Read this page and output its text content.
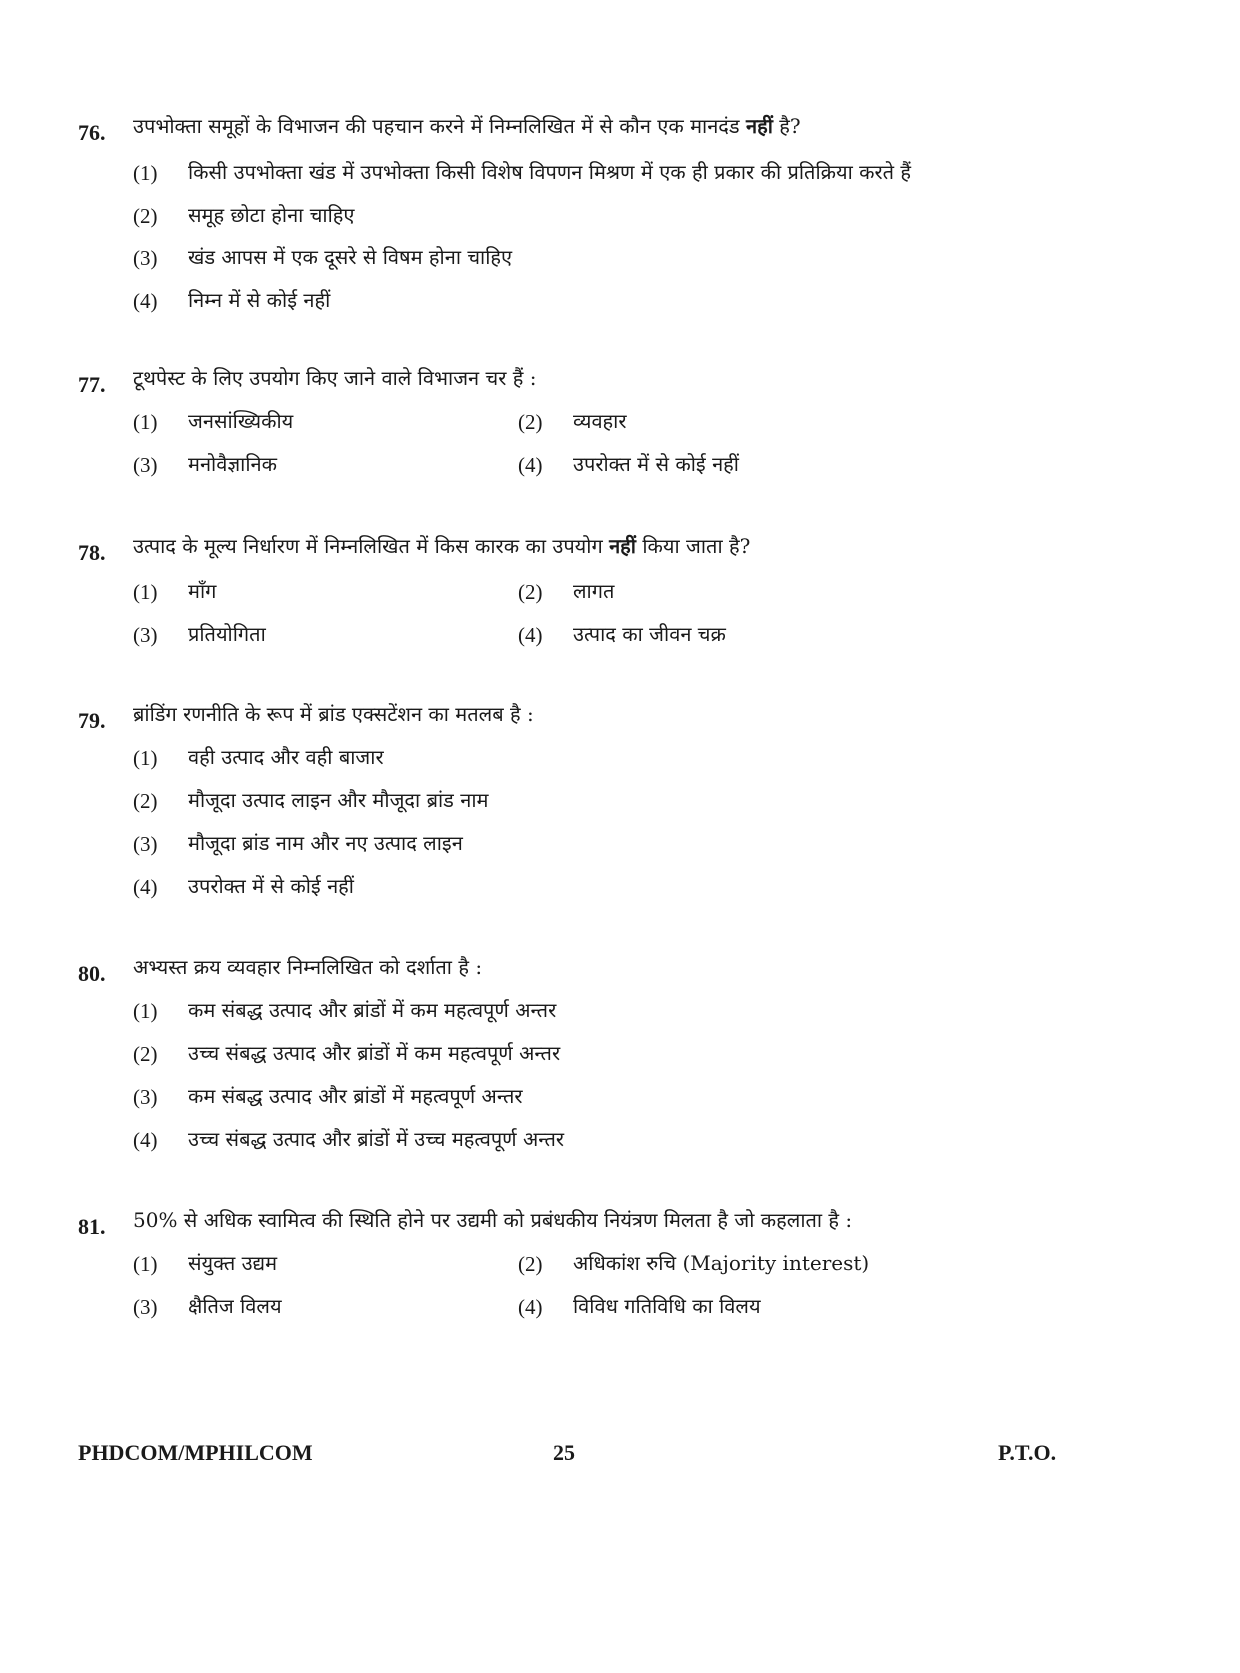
76. उपभोक्ता समूहों के विभाजन की पहचान करने में निम्नलिखित में से कौन एक मानदंड नहीं है?
(1) किसी उपभोक्ता खंड में उपभोक्ता किसी विशेष विपणन मिश्रण में एक ही प्रकार की प्रतिक्रिया करते हैं
(2) समूह छोटा होना चाहिए
(3) खंड आपस में एक दूसरे से विषम होना चाहिए
(4) निम्न में से कोई नहीं
77. टूथपेस्ट के लिए उपयोग किए जाने वाले विभाजन चर हैं :
(1) जनसांख्यिकीय	(2) व्यवहार
(3) मनोवैज्ञानिक	(4) उपरोक्त में से कोई नहीं
78. उत्पाद के मूल्य निर्धारण में निम्नलिखित में किस कारक का उपयोग नहीं किया जाता है?
(1) माँग	(2) लागत
(3) प्रतियोगिता	(4) उत्पाद का जीवन चक्र
79. ब्रांडिंग रणनीति के रूप में ब्रांड एक्सटेंशन का मतलब है :
(1) वही उत्पाद और वही बाजार
(2) मौजूदा उत्पाद लाइन और मौजूदा ब्रांड नाम
(3) मौजूदा ब्रांड नाम और नए उत्पाद लाइन
(4) उपरोक्त में से कोई नहीं
80. अभ्यस्त क्रय व्यवहार निम्नलिखित को दर्शाता है :
(1) कम संबद्ध उत्पाद और ब्रांडों में कम महत्वपूर्ण अन्तर
(2) उच्च संबद्ध उत्पाद और ब्रांडों में कम महत्वपूर्ण अन्तर
(3) कम संबद्ध उत्पाद और ब्रांडों में महत्वपूर्ण अन्तर
(4) उच्च संबद्ध उत्पाद और ब्रांडों में उच्च महत्वपूर्ण अन्तर
81. 50% से अधिक स्वामित्व की स्थिति होने पर उद्यमी को प्रबंधकीय नियंत्रण मिलता है जो कहलाता है :
(1) संयुक्त उद्यम	(2) अधिकांश रुचि (Majority interest)
(3) क्षैतिज विलय	(4) विविध गतिविधि का विलय
PHDCOM/MPHILCOM	25	P.T.O.
